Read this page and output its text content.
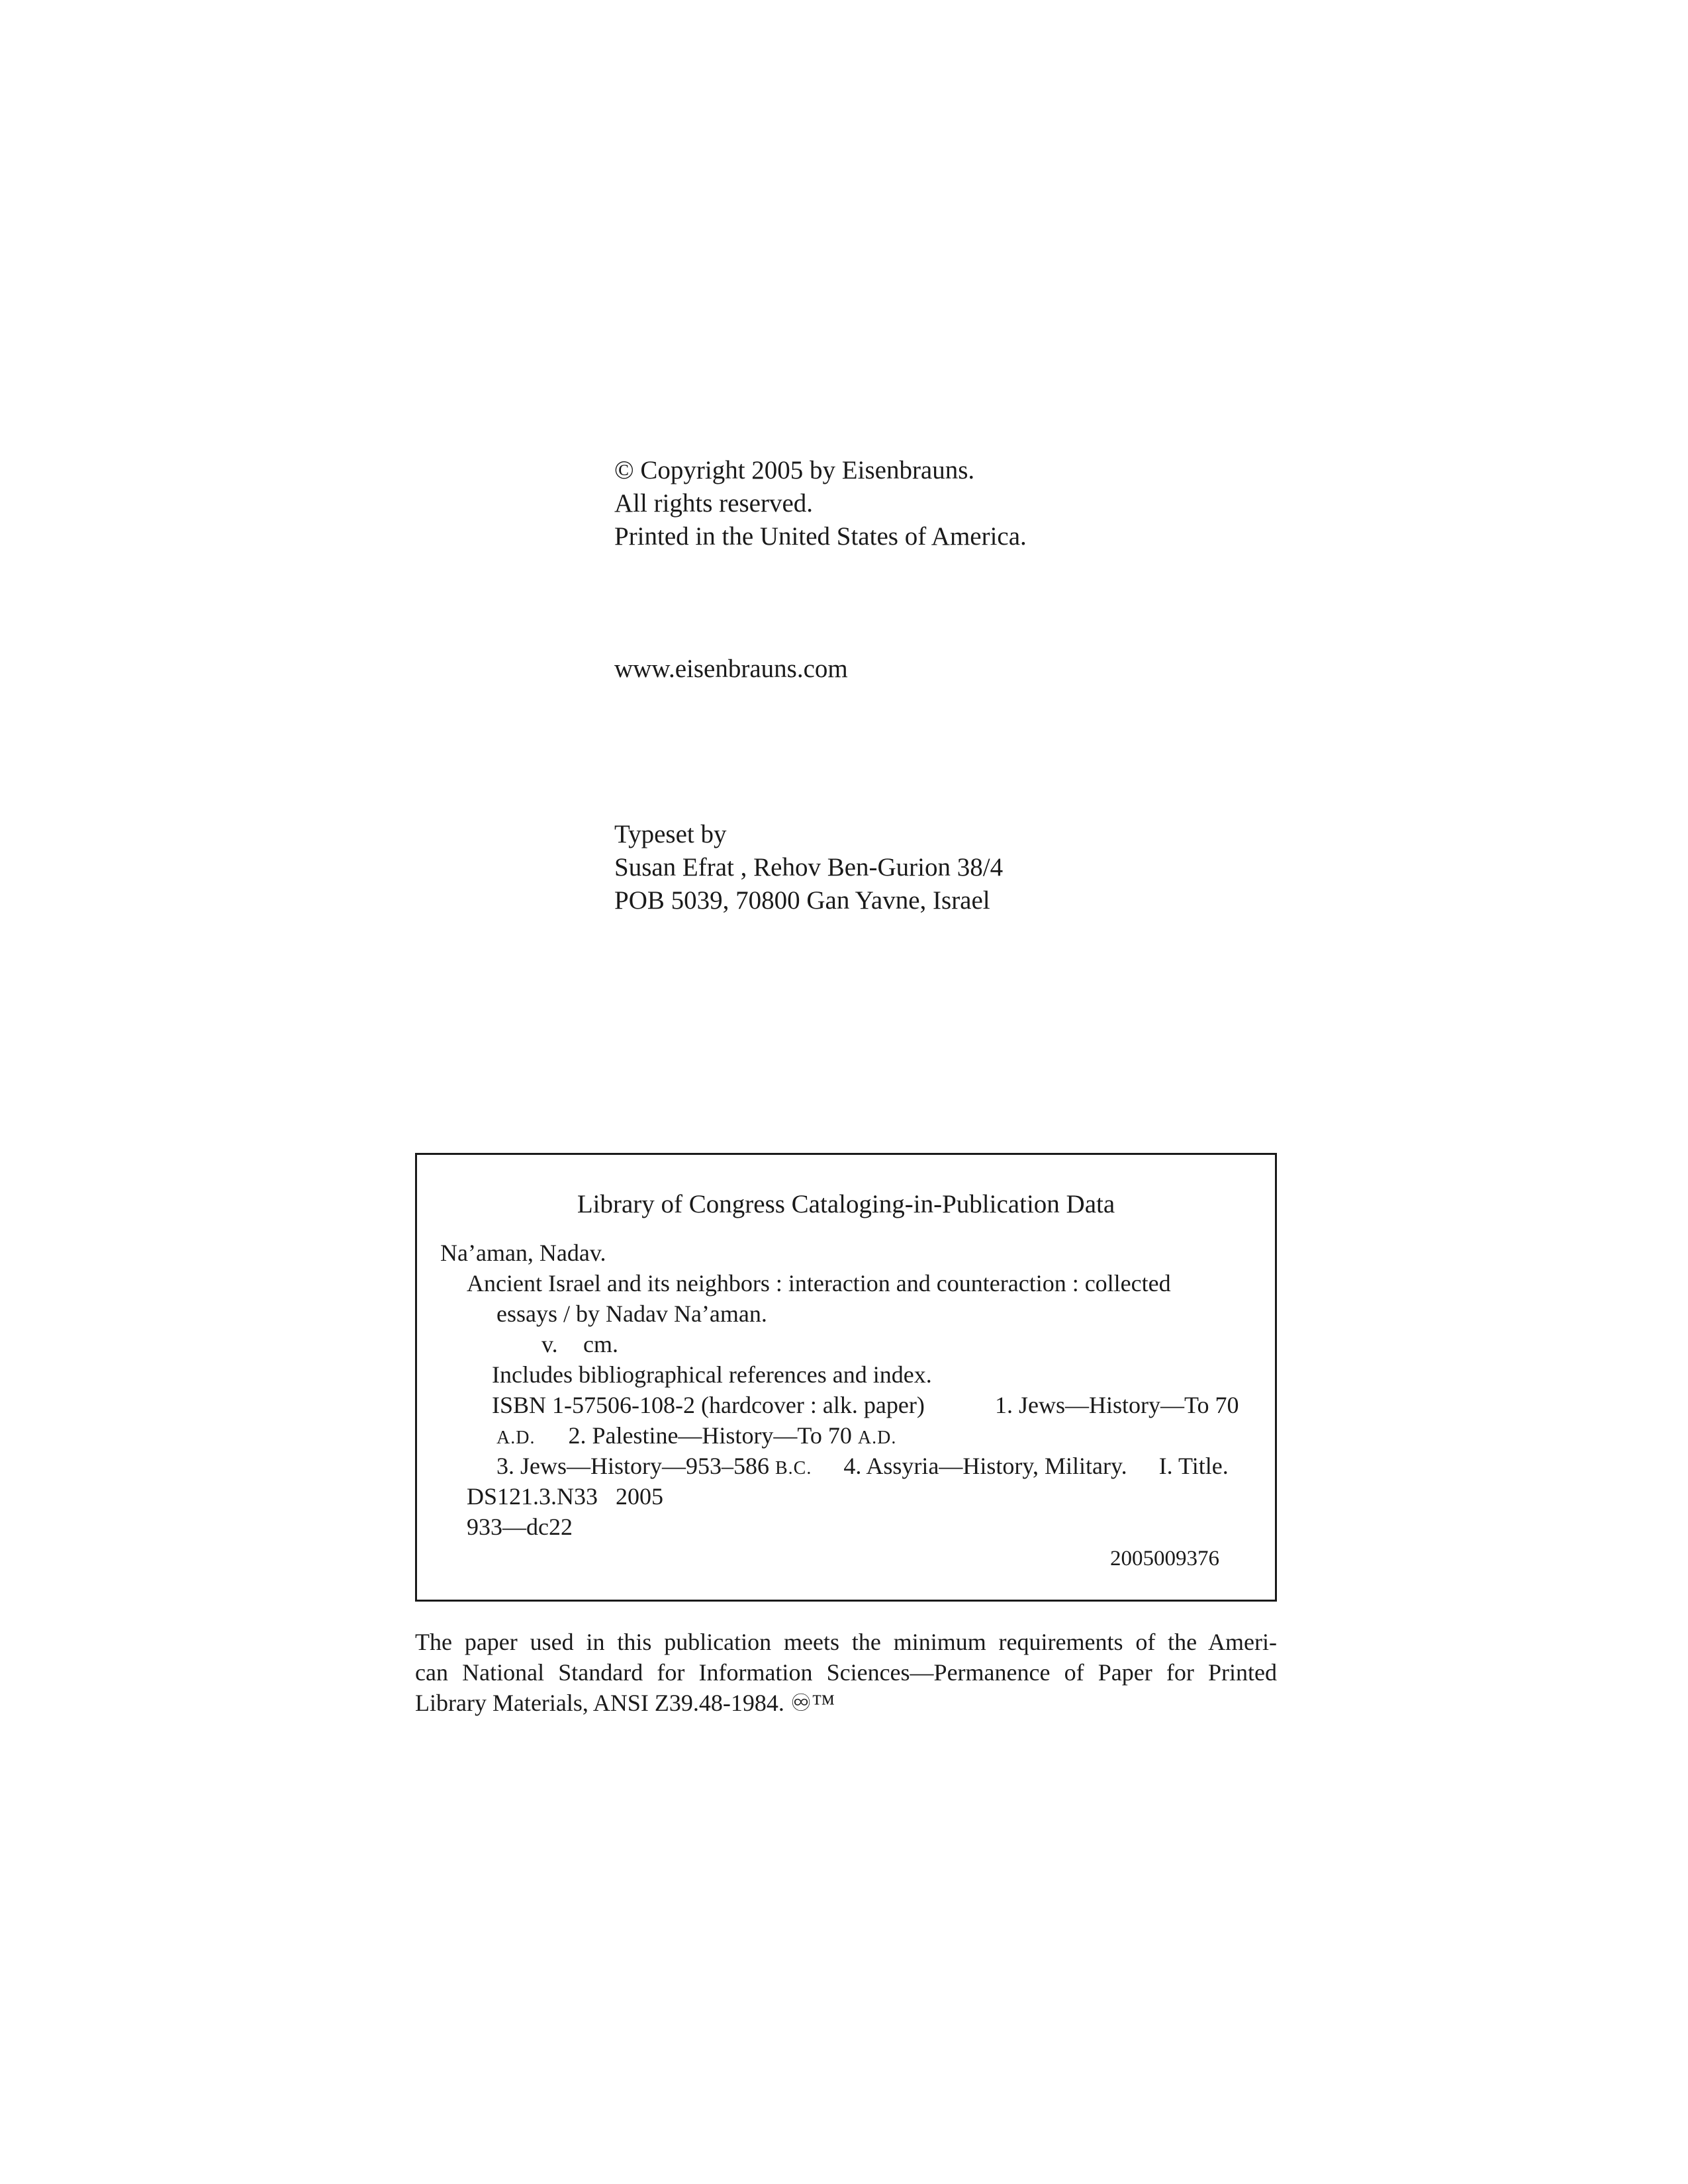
© Copyright 2005 by Eisenbrauns.
All rights reserved.
Printed in the United States of America.
www.eisenbrauns.com
Typeset by
Susan Efrat , Rehov Ben-Gurion 38/4
POB 5039, 70800 Gan Yavne, Israel
Library of Congress Cataloging-in-Publication Data
Na’aman, Nadav.
Ancient Israel and its neighbors : interaction and counteraction : collected
essays / by Nadav Na’aman.
v. cm.
Includes bibliographical references and index.
ISBN 1-57506-108-2 (hardcover : alk. paper)	1. Jews—History—To 70
A.D. 2. Palestine—History—To 70 A.D.
3. Jews—History—953–586 B.C. 4. Assyria—History, Military. I. Title.
DS121.3.N33 2005
933—dc22
2005009376
The paper used in this publication meets the minimum requirements of the Ameri-
can National Standard for Information Sciences—Permanence of Paper for Printed
Library Materials, ANSI Z39.48-1984. ♾™
